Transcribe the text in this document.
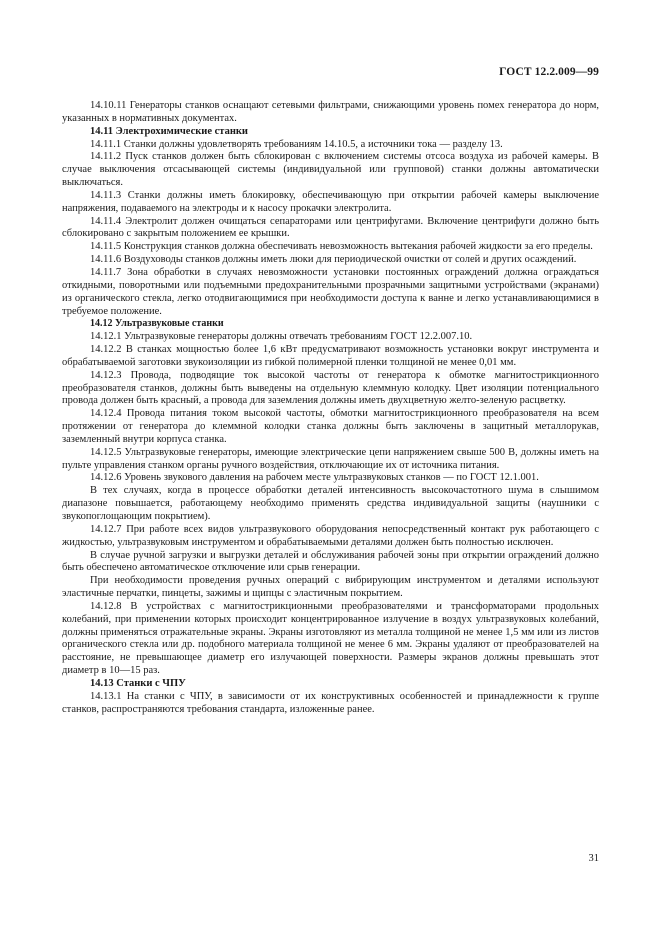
ГОСТ 12.2.009—99

14.10.11 Генераторы станков оснащают сетевыми фильтрами, снижающими уровень помех генератора до норм, указанных в нормативных документах.

14.11 Электрохимические станки

14.11.1 Станки должны удовлетворять требованиям 14.10.5, а источники тока — разделу 13.

14.11.2 Пуск станков должен быть сблокирован с включением системы отсоса воздуха из рабочей камеры. В случае выключения отсасывающей системы (индивидуальной или групповой) станки должны автоматически выключаться.

14.11.3 Станки должны иметь блокировку, обеспечивающую при открытии рабочей камеры выключение напряжения, подаваемого на электроды и к насосу прокачки электролита.

14.11.4 Электролит должен очищаться сепараторами или центрифугами. Включение центрифуги должно быть сблокировано с закрытым положением ее крышки.

14.11.5 Конструкция станков должна обеспечивать невозможность вытекания рабочей жидкости за его пределы.

14.11.6 Воздуховоды станков должны иметь люки для периодической очистки от солей и других осаждений.

14.11.7 Зона обработки в случаях невозможности установки постоянных ограждений должна ограждаться откидными, поворотными или подъемными предохранительными прозрачными защитными устройствами (экранами) из органического стекла, легко отодвигающимися при необходимости доступа к ванне и легко устанавливающимися в требуемое положение.

14.12 Ультразвуковые станки

14.12.1 Ультразвуковые генераторы должны отвечать требованиям ГОСТ 12.2.007.10.

14.12.2 В станках мощностью более 1,6 кВт предусматривают возможность установки вокруг инструмента и обрабатываемой заготовки звукоизоляции из гибкой полимерной пленки толщиной не менее 0,01 мм.

14.12.3 Провода, подводящие ток высокой частоты от генератора к обмотке магнитострикционного преобразователя станков, должны быть выведены на отдельную клеммную колодку. Цвет изоляции потенциального провода должен быть красный, а провода для заземления должны иметь двухцветную желто-зеленую расцветку.

14.12.4 Провода питания током высокой частоты, обмотки магнитострикционного преобразователя на всем протяжении от генератора до клеммной колодки станка должны быть заключены в защитный металлорукав, заземленный внутри корпуса станка.

14.12.5 Ультразвуковые генераторы, имеющие электрические цепи напряжением свыше 500 В, должны иметь на пульте управления станком органы ручного воздействия, отключающие их от источника питания.

14.12.6 Уровень звукового давления на рабочем месте ультразвуковых станков — по ГОСТ 12.1.001.

В тех случаях, когда в процессе обработки деталей интенсивность высокочастотного шума в слышимом диапазоне повышается, работающему необходимо применять средства индивидуальной защиты (наушники с звукопоглощающим покрытием).

14.12.7 При работе всех видов ультразвукового оборудования непосредственный контакт рук работающего с жидкостью, ультразвуковым инструментом и обрабатываемыми деталями должен быть полностью исключен.

В случае ручной загрузки и выгрузки деталей и обслуживания рабочей зоны при открытии ограждений должно быть обеспечено автоматическое отключение или срыв генерации.

При необходимости проведения ручных операций с вибрирующим инструментом и деталями используют эластичные перчатки, пинцеты, зажимы и щипцы с эластичным покрытием.

14.12.8 В устройствах с магнитострикционными преобразователями и трансформаторами продольных колебаний, при применении которых происходит концентрированное излучение в воздух ультразвуковых колебаний, должны применяться отражательные экраны. Экраны изготовляют из металла толщиной не менее 1,5 мм или из листов органического стекла или др. подобного материала толщиной не менее 6 мм. Экраны удаляют от преобразователей на расстояние, не превышающее диаметр его излучающей поверхности. Размеры экранов должны превышать этот диаметр в 10—15 раз.

14.13 Станки с ЧПУ

14.13.1 На станки с ЧПУ, в зависимости от их конструктивных особенностей и принадлежности к группе станков, распространяются требования стандарта, изложенные ранее.

31
